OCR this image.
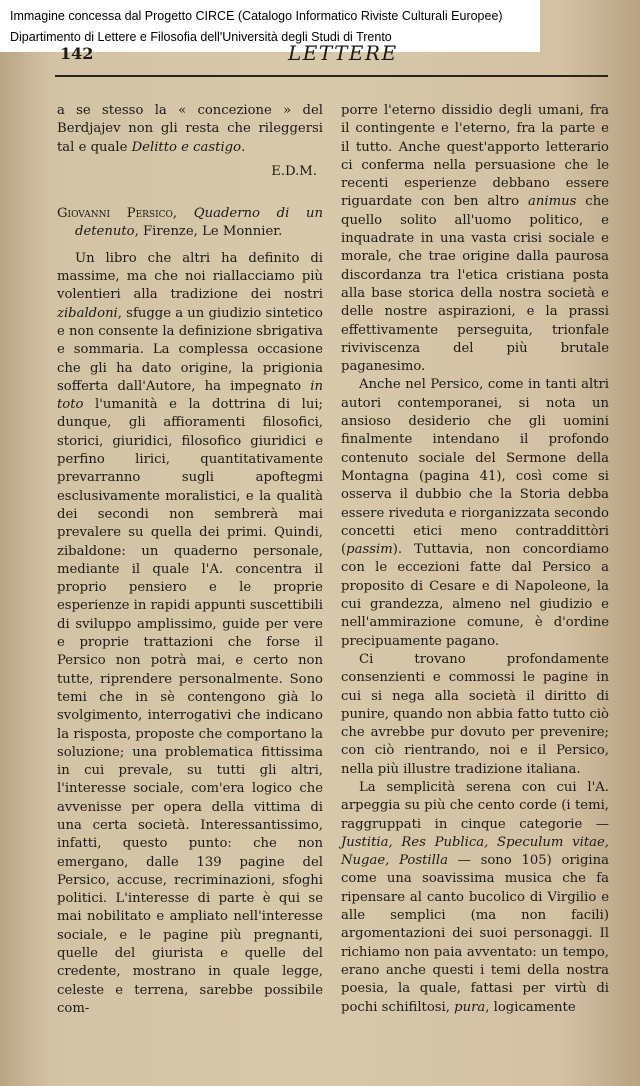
Immagine concessa dal Progetto CIRCE (Catalogo Informatico Riviste Culturali Europee)
Dipartimento di Lettere e Filosofia dell'Università degli Studi di Trento
142	LETTERE

a se stesso la « concezione » del Berdjajev non gli resta che rileggersi tal e quale Delitto e castigo.

E.D.M.

Giovanni Persico, Quaderno di un detenuto, Firenze, Le Monnier.

Un libro che altri ha definito di massime, ma che noi riallacciamo più volentieri alla tradizione dei nostri zibaldoni, sfugge a un giudizio sintetico e non consente la definizione sbrigativa e sommaria. La complessa occasione che gli ha dato origine, la prigionia sofferta dall'Autore, ha impegnato in toto l'umanità e la dottrina di lui; dunque, gli affioramenti filosofici, storici, giuridici, filosofico giuridici e perfino lirici, quantitativamente prevarranno sugli apoftegmi esclusivamente moralistici, e la qualità dei secondi non sembrerà mai prevalere su quella dei primi. Quindi, zibaldone: un quaderno personale, mediante il quale l'A. concentra il proprio pensiero e le proprie esperienze in rapidi appunti suscettibili di sviluppo amplissimo, guide per vere e proprie trattazioni che forse il Persico non potrà mai, e certo non tutte, riprendere personalmente. Sono temi che in sè contengono già lo svolgimento, interrogativi che indicano la risposta, proposte che comportano la soluzione; una problematica fittissima in cui prevale, su tutti gli altri, l'interesse sociale, com'era logico che avvenisse per opera della vittima di una certa società. Interessantissimo, infatti, questo punto: che non emergano, dalle 139 pagine del Persico, accuse, recriminazioni, sfoghi politici. L'interesse di parte è qui se mai nobilitato e ampliato nell'interesse sociale, e le pagine più pregnanti, quelle del giurista e quelle del credente, mostrano in quale legge, celeste e terrena, sarebbe possibile com-

porre l'eterno dissidio degli umani, fra il contingente e l'eterno, fra la parte e il tutto. Anche quest'apporto letterario ci conferma nella persuasione che le recenti esperienze debbano essere riguardate con ben altro animus che quello solito all'uomo politico, e inquadrate in una vasta crisi sociale e morale, che trae origine dalla paurosa discordanza tra l'etica cristiana posta alla base storica della nostra società e delle nostre aspirazioni, e la prassi effettivamente perseguita, trionfale riviviscenza del più brutale paganesimo.

Anche nel Persico, come in tanti altri autori contemporanei, si nota un ansioso desiderio che gli uomini finalmente intendano il profondo contenuto sociale del Sermone della Montagna (pagina 41), così come si osserva il dubbio che la Storia debba essere riveduta e riorganizzata secondo concetti etici meno contraddittòri (passim). Tuttavia, non concordiamo con le eccezioni fatte dal Persico a proposito di Cesare e di Napoleone, la cui grandezza, almeno nel giudizio e nell'ammirazione comune, è d'ordine precipuamente pagano.

Ci trovano profondamente consenzienti e commossi le pagine in cui si nega alla società il diritto di punire, quando non abbia fatto tutto ciò che avrebbe pur dovuto per prevenire; con ciò rientrando, noi e il Persico, nella più illustre tradizione italiana.

La semplicità serena con cui l'A. arpeggia su più che cento corde (i temi, raggruppati in cinque categorie — Justitia, Res Publica, Speculum vitae, Nugae, Postilla — sono 105) origina come una soavissima musica che fa ripensare al canto bucolico di Virgilio e alle semplici (ma non facili) argomentazioni dei suoi personaggi. Il richiamo non paia avventato: un tempo, erano anche questi i temi della nostra poesia, la quale, fattasi per virtù di pochi schifiltosi, pura, logicamente
